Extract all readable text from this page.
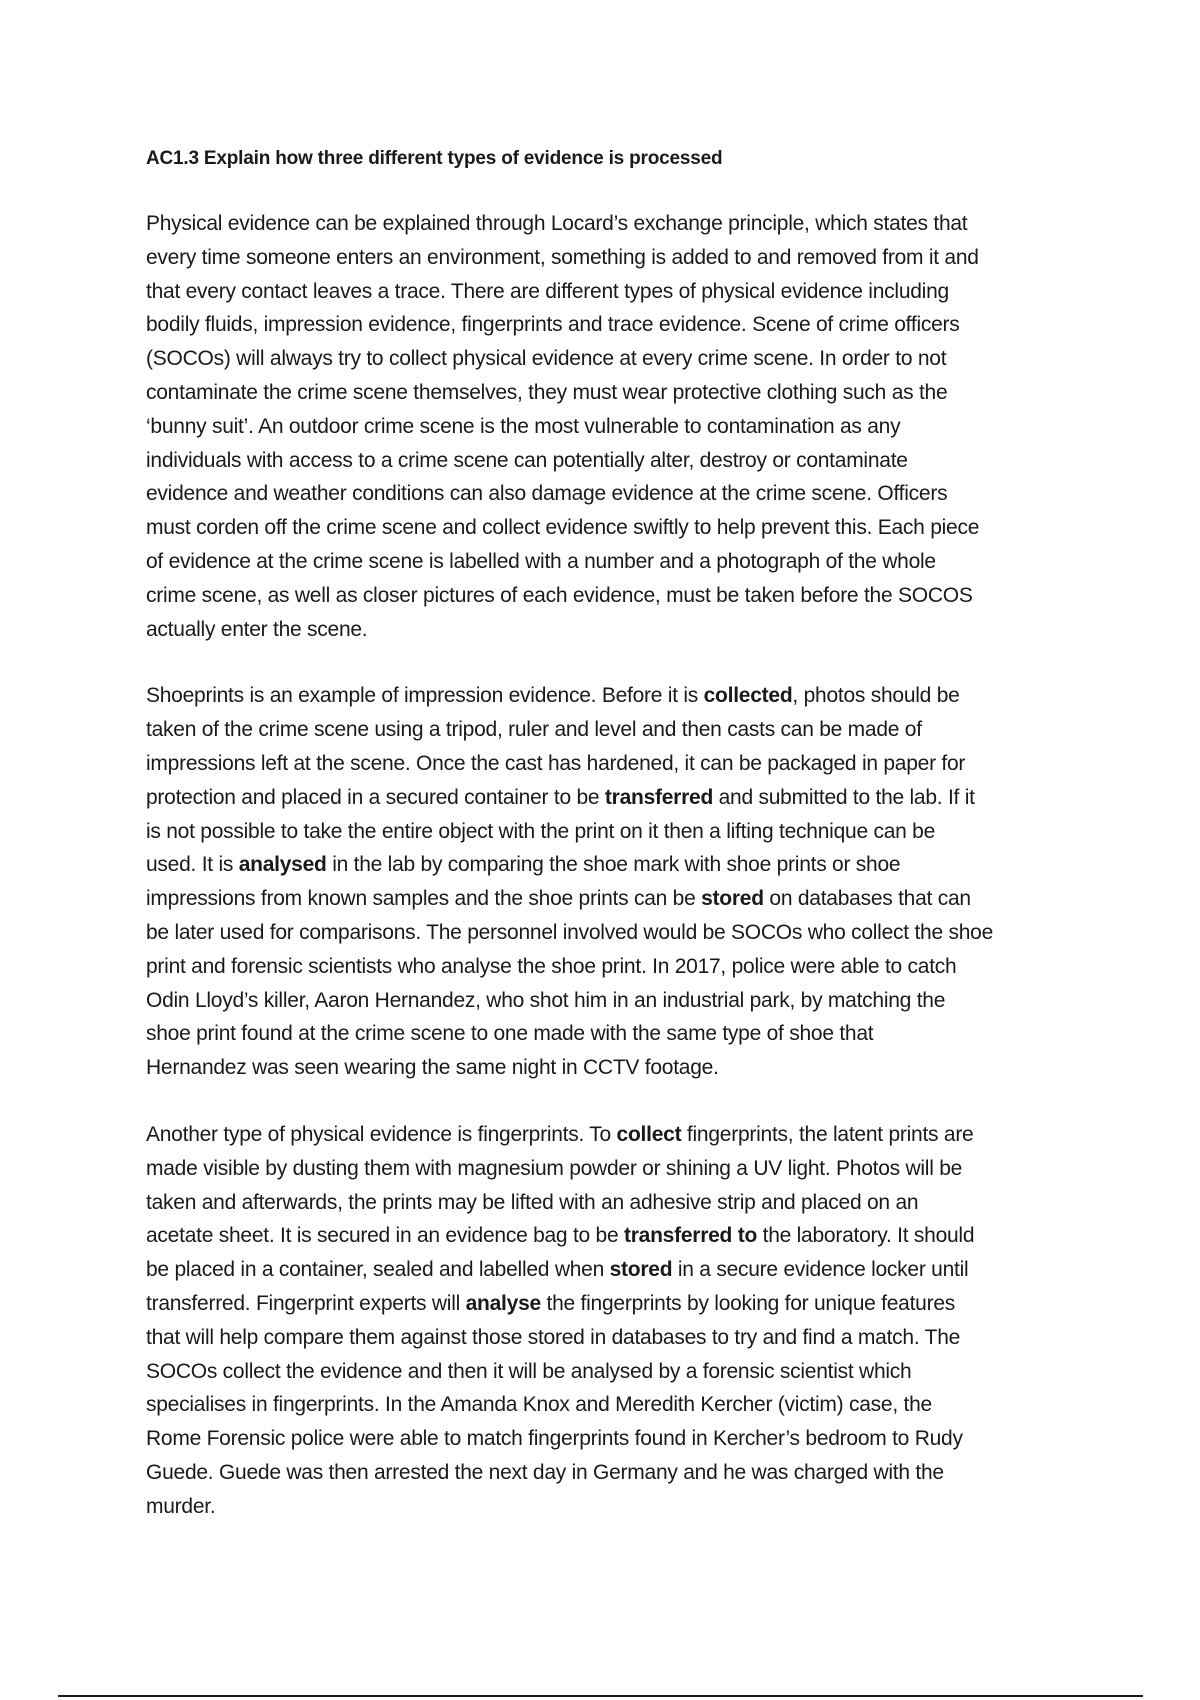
AC1.3 Explain how three different types of evidence is processed

Physical evidence can be explained through Locard’s exchange principle, which states that
every time someone enters an environment, something is added to and removed from it and
that every contact leaves a trace. There are different types of physical evidence including
bodily fluids, impression evidence, fingerprints and trace evidence. Scene of crime officers
(SOCOs) will always try to collect physical evidence at every crime scene. In order to not
contaminate the crime scene themselves, they must wear protective clothing such as the
‘bunny suit’. An outdoor crime scene is the most vulnerable to contamination as any
individuals with access to a crime scene can potentially alter, destroy or contaminate
evidence and weather conditions can also damage evidence at the crime scene. Officers
must corden off the crime scene and collect evidence swiftly to help prevent this. Each piece
of evidence at the crime scene is labelled with a number and a photograph of the whole
crime scene, as well as closer pictures of each evidence, must be taken before the SOCOS
actually enter the scene.

Shoeprints is an example of impression evidence. Before it is collected, photos should be
taken of the crime scene using a tripod, ruler and level and then casts can be made of
impressions left at the scene. Once the cast has hardened, it can be packaged in paper for
protection and placed in a secured container to be transferred and submitted to the lab. If it
is not possible to take the entire object with the print on it then a lifting technique can be
used. It is analysed in the lab by comparing the shoe mark with shoe prints or shoe
impressions from known samples and the shoe prints can be stored on databases that can
be later used for comparisons. The personnel involved would be SOCOs who collect the shoe
print and forensic scientists who analyse the shoe print. In 2017, police were able to catch
Odin Lloyd’s killer, Aaron Hernandez, who shot him in an industrial park, by matching the
shoe print found at the crime scene to one made with the same type of shoe that
Hernandez was seen wearing the same night in CCTV footage.

Another type of physical evidence is fingerprints. To collect fingerprints, the latent prints are
made visible by dusting them with magnesium powder or shining a UV light. Photos will be
taken and afterwards, the prints may be lifted with an adhesive strip and placed on an
acetate sheet. It is secured in an evidence bag to be transferred to the laboratory. It should
be placed in a container, sealed and labelled when stored in a secure evidence locker until
transferred. Fingerprint experts will analyse the fingerprints by looking for unique features
that will help compare them against those stored in databases to try and find a match. The
SOCOs collect the evidence and then it will be analysed by a forensic scientist which
specialises in fingerprints. In the Amanda Knox and Meredith Kercher (victim) case, the
Rome Forensic police were able to match fingerprints found in Kercher’s bedroom to Rudy
Guede. Guede was then arrested the next day in Germany and he was charged with the
murder.
